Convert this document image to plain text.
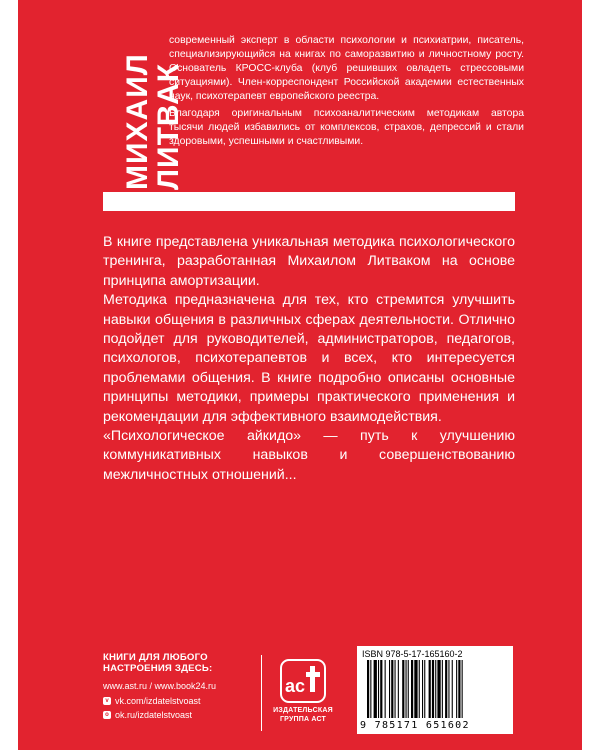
МИХАИЛ
ЛИТВАК

современный эксперт в области психологии и психиатрии, писатель, специализирующийся на книгах по саморазвитию и личностному росту. Основатель КРОСС-клуба (клуб решивших овладеть стрессовыми ситуациями). Член-корреспондент Российской академии естественных наук, психотерапевт европейского реестра.

Благодаря оригинальным психоаналитическим методикам автора тысячи людей избавились от комплексов, страхов, депрессий и стали здоровыми, успешными и счастливыми.

В книге представлена уникальная методика психологического тренинга, разработанная Михаилом Литваком на основе принципа амортизации.

Методика предназначена для тех, кто стремится улучшить навыки общения в различных сферах деятельности. Отлично подойдет для руководителей, администраторов, педагогов, психологов, психотерапевтов и всех, кто интересуется проблемами общения. В книге подробно описаны основные принципы методики, примеры практического применения и рекомендации для эффективного взаимодействия.

«Психологическое айкидо» — путь к улучшению коммуникативных навыков и совершенствованию межличностных отношений...

КНИГИ ДЛЯ ЛЮБОГО НАСТРОЕНИЯ ЗДЕСЬ:
www.ast.ru / www.book24.ru
v vk.com/izdatelstvoast
o ok.ru/izdatelstvoast
ас
ИЗДАТЕЛЬСКАЯ
ГРУППА АСТ
ISBN 978-5-17-165160-2
9 785171 651602
